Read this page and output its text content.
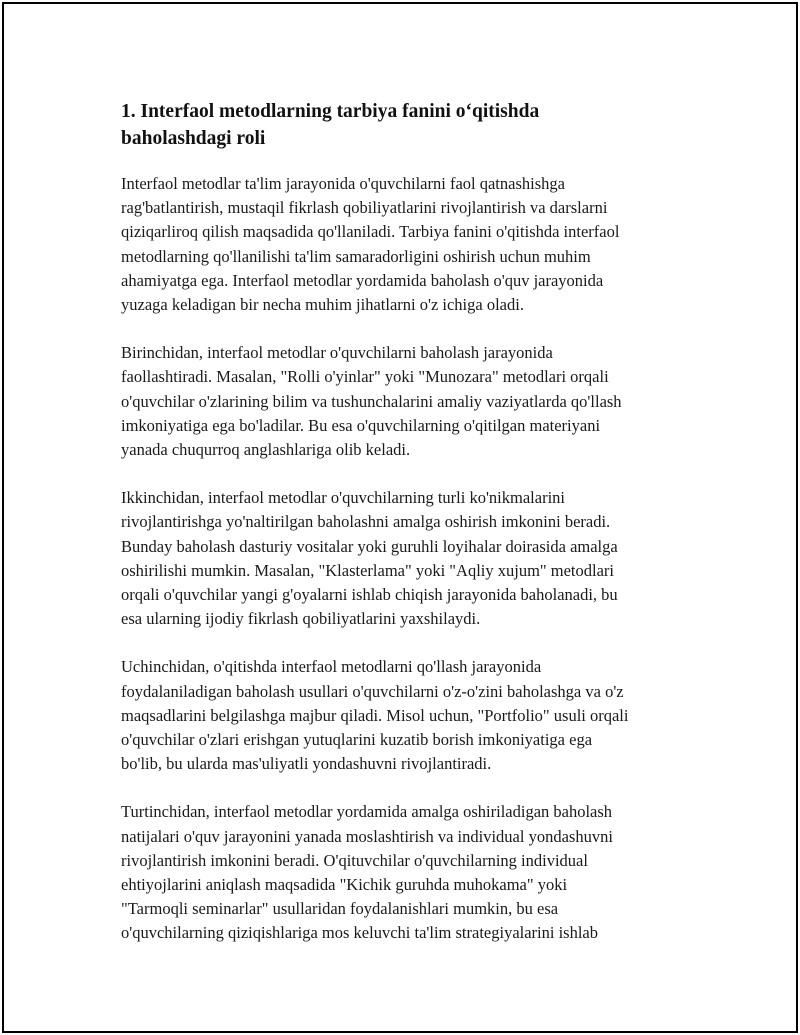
1. Interfaol metodlarning tarbiya fanini o‘qitishda
baholashdagi roli

Interfaol metodlar ta'lim jarayonida o'quvchilarni faol qatnashishga
rag'batlantirish, mustaqil fikrlash qobiliyatlarini rivojlantirish va darslarni
qiziqarliroq qilish maqsadida qo'llaniladi. Tarbiya fanini o'qitishda interfaol
metodlarning qo'llanilishi ta'lim samaradorligini oshirish uchun muhim
ahamiyatga ega. Interfaol metodlar yordamida baholash o'quv jarayonida
yuzaga keladigan bir necha muhim jihatlarni o'z ichiga oladi.

Birinchidan, interfaol metodlar o'quvchilarni baholash jarayonida
faollashtiradi. Masalan, "Rolli o'yinlar" yoki "Munozara" metodlari orqali
o'quvchilar o'zlarining bilim va tushunchalarini amaliy vaziyatlarda qo'llash
imkoniyatiga ega bo'ladilar. Bu esa o'quvchilarning o'qitilgan materiyani
yanada chuqurroq anglashlariga olib keladi.

Ikkinchidan, interfaol metodlar o'quvchilarning turli ko'nikmalarini
rivojlantirishga yo'naltirilgan baholashni amalga oshirish imkonini beradi.
Bunday baholash dasturiy vositalar yoki guruhli loyihalar doirasida amalga
oshirilishi mumkin. Masalan, "Klasterlama" yoki "Aqliy xujum" metodlari
orqali o'quvchilar yangi g'oyalarni ishlab chiqish jarayonida baholanadi, bu
esa ularning ijodiy fikrlash qobiliyatlarini yaxshilaydi.

Uchinchidan, o'qitishda interfaol metodlarni qo'llash jarayonida
foydalaniladigan baholash usullari o'quvchilarni o'z-o'zini baholashga va o'z
maqsadlarini belgilashga majbur qiladi. Misol uchun, "Portfolio" usuli orqali
o'quvchilar o'zlari erishgan yutuqlarini kuzatib borish imkoniyatiga ega
bo'lib, bu ularda mas'uliyatli yondashuvni rivojlantiradi.

Turtinchidan, interfaol metodlar yordamida amalga oshiriladigan baholash
natijalari o'quv jarayonini yanada moslashtirish va individual yondashuvni
rivojlantirish imkonini beradi. O'qituvchilar o'quvchilarning individual
ehtiyojlarini aniqlash maqsadida "Kichik guruhda muhokama" yoki
"Tarmoqli seminarlar" usullaridan foydalanishlari mumkin, bu esa
o'quvchilarning qiziqishlariga mos keluvchi ta'lim strategiyalarini ishlab
